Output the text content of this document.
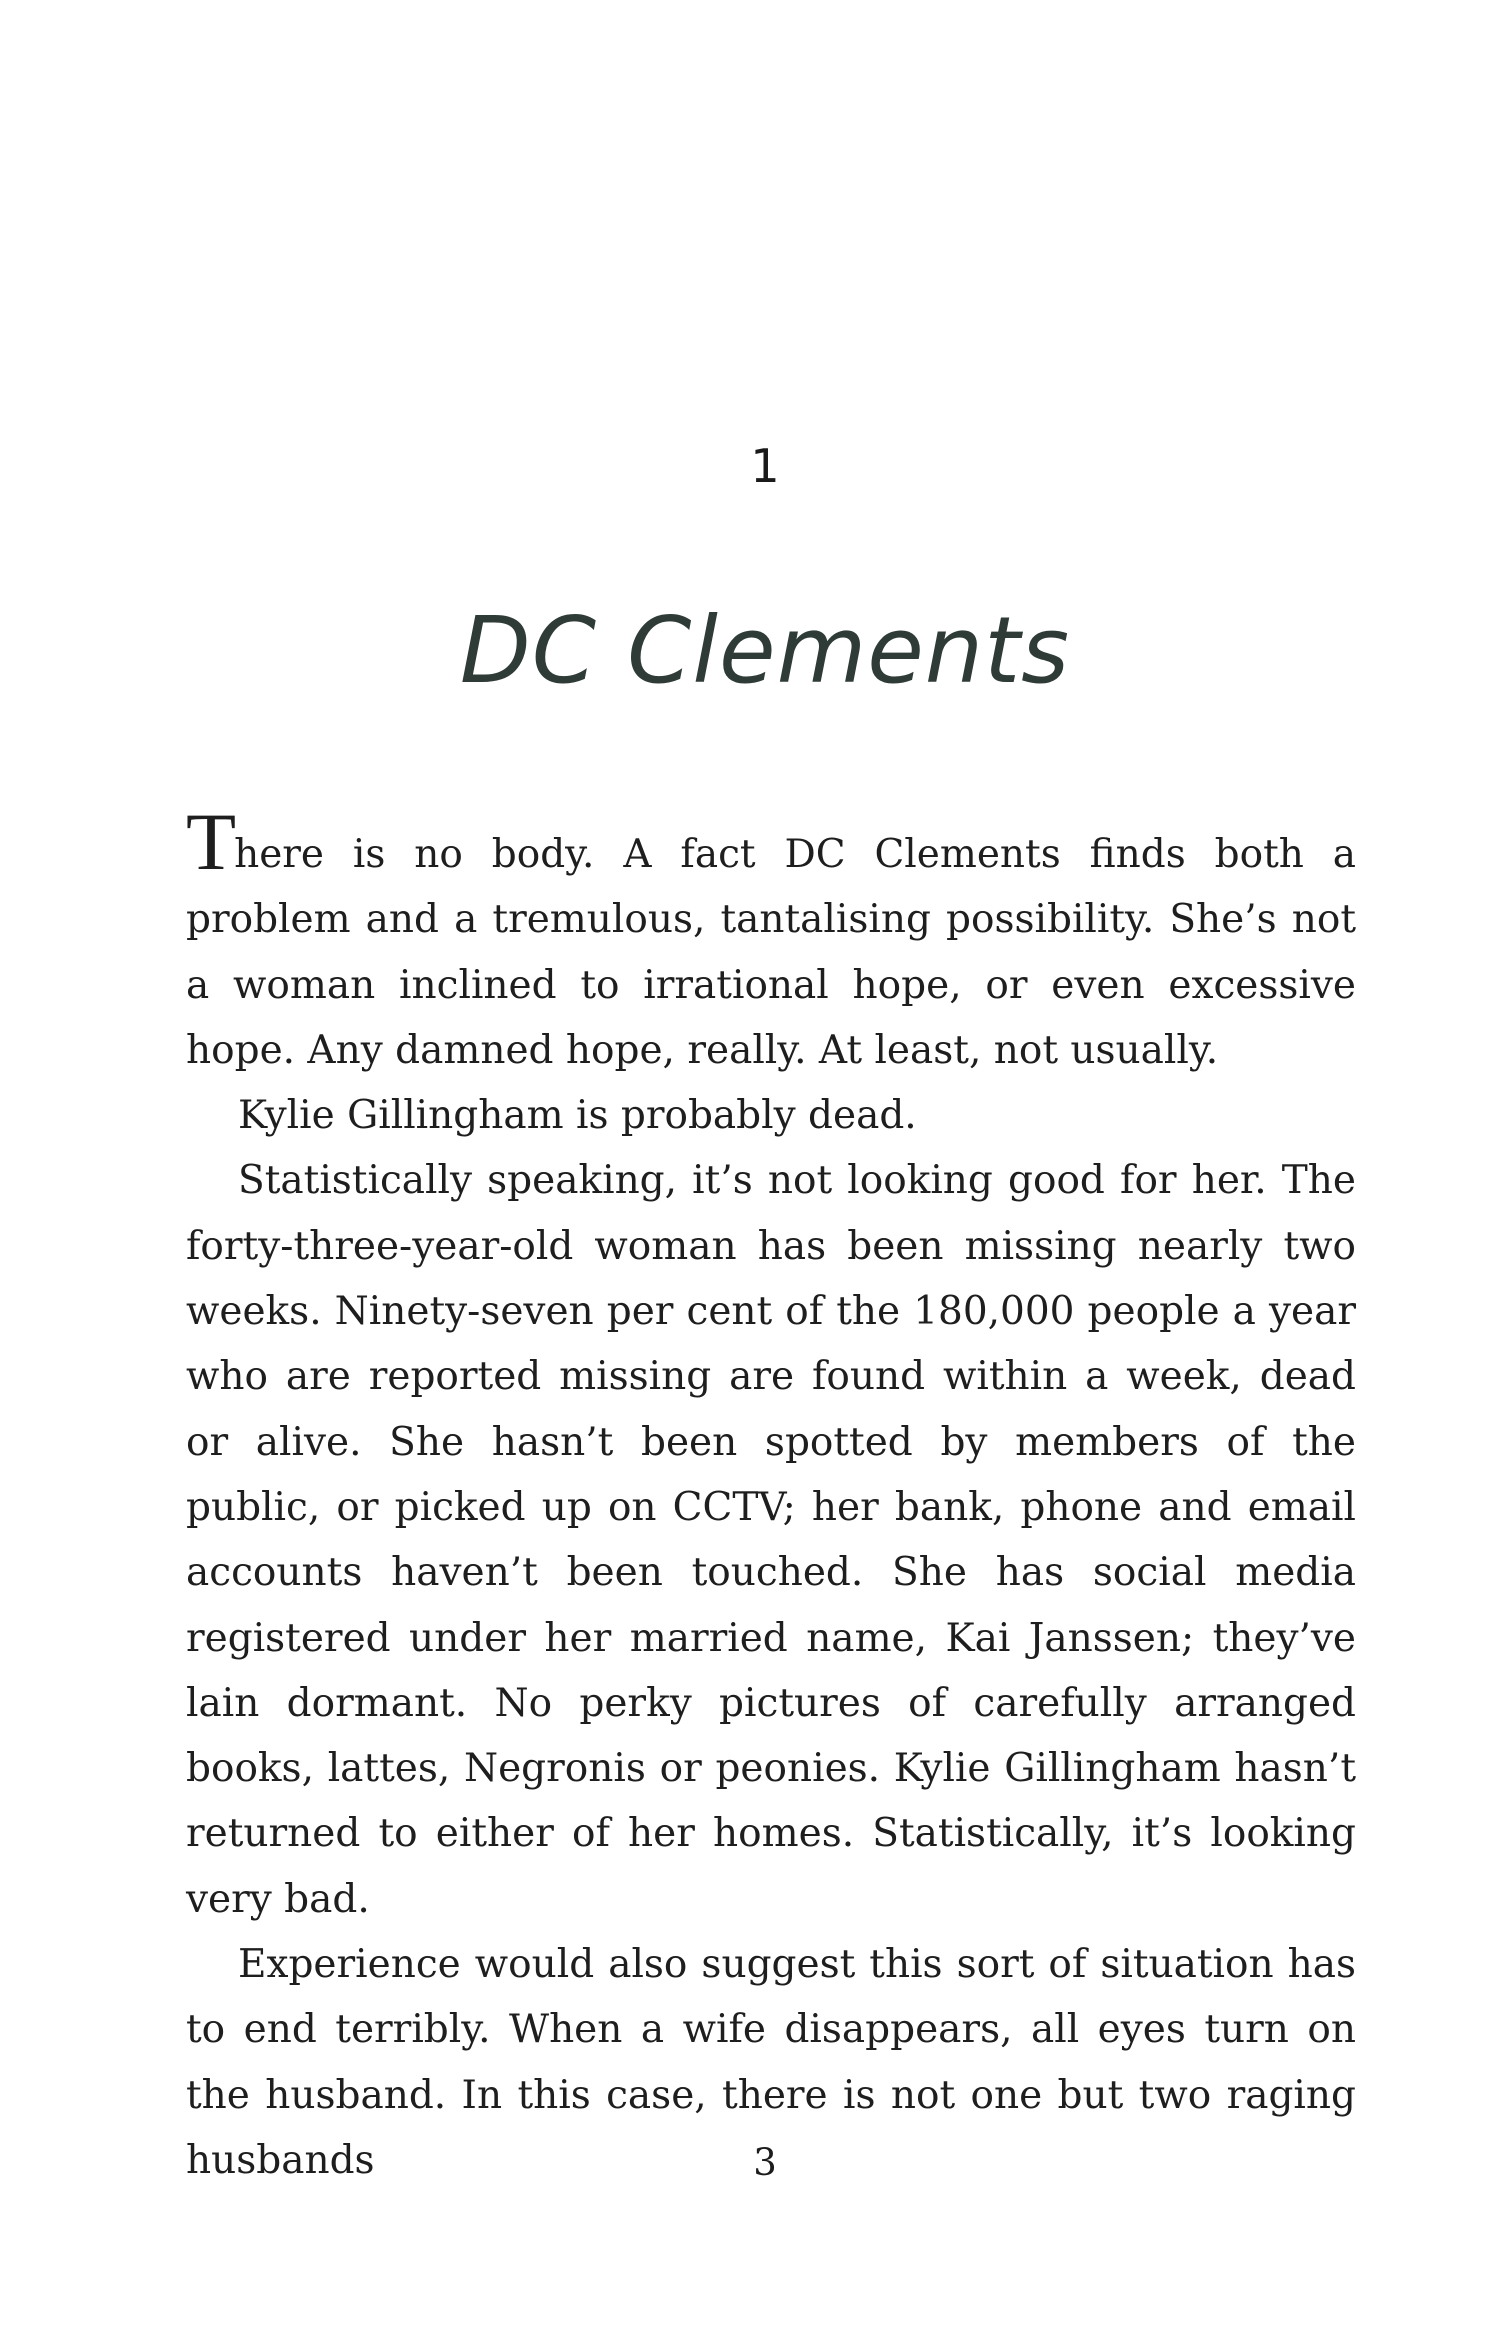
1
DC Clements

There is no body. A fact DC Clements finds both a problem and a tremulous, tantalising possibility. She’s not a woman inclined to irrational hope, or even excessive hope. Any damned hope, really. At least, not usually.

Kylie Gillingham is probably dead.

Statistically speaking, it’s not looking good for her. The forty-three-year-old woman has been missing nearly two weeks. Ninety-seven per cent of the 180,000 people a year who are reported missing are found within a week, dead or alive. She hasn’t been spotted by members of the public, or picked up on CCTV; her bank, phone and email accounts haven’t been touched. She has social media registered under her married name, Kai Janssen; they’ve lain dormant. No perky pictures of carefully arranged books, lattes, Negronis or peonies. Kylie Gillingham hasn’t returned to either of her homes. Statistically, it’s looking very bad.

Experience would also suggest this sort of situation has to end terribly. When a wife disappears, all eyes turn on the husband. In this case, there is not one but two raging husbands	3
